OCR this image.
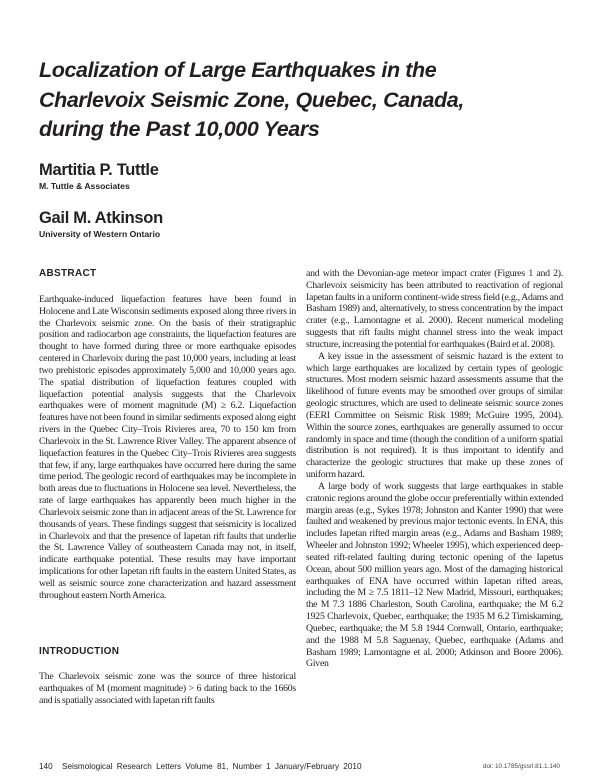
Localization of Large Earthquakes in the
Charlevoix Seismic Zone, Quebec, Canada,
during the Past 10,000 Years
Martitia P. Tuttle
M. Tuttle & Associates
Gail M. Atkinson
University of Western Ontario
ABSTRACT

Earthquake-induced liquefaction features have been found in Holocene and Late Wisconsin sediments exposed along three rivers in the Charlevoix seismic zone. On the basis of their stratigraphic position and radiocarbon age constraints, the liquefaction features are thought to have formed during three or more earthquake episodes centered in Charlevoix during the past 10,000 years, including at least two prehistoric episodes approximately 5,000 and 10,000 years ago. The spatial distribution of liquefaction features coupled with liquefaction potential analysis suggests that the Charlevoix earthquakes were of moment magnitude (M) ≥ 6.2. Liquefaction features have not been found in similar sediments exposed along eight rivers in the Quebec City–Trois Rivieres area, 70 to 150 km from Charlevoix in the St. Lawrence River Valley. The apparent absence of liquefaction features in the Quebec City–Trois Rivieres area suggests that few, if any, large earthquakes have occurred here during the same time period. The geologic record of earthquakes may be incomplete in both areas due to fluctuations in Holocene sea level. Nevertheless, the rate of large earthquakes has apparently been much higher in the Charlevoix seismic zone than in adjacent areas of the St. Lawrence for thousands of years. These findings suggest that seismicity is localized in Charlevoix and that the presence of Iapetan rift faults that underlie the St. Lawrence Valley of southeastern Canada may not, in itself, indicate earthquake potential. These results may have important implications for other Iapetan rift faults in the eastern United States, as well as seismic source zone characterization and hazard assessment throughout eastern North America.

INTRODUCTION

The Charlevoix seismic zone was the source of three historical earthquakes of M (moment magnitude) > 6 dating back to the 1660s and is spatially associated with Iapetan rift faults

and with the Devonian-age meteor impact crater (Figures 1 and 2). Charlevoix seismicity has been attributed to reactivation of regional Iapetan faults in a uniform continent-wide stress field (e.g., Adams and Basham 1989) and, alternatively, to stress concentration by the impact crater (e.g., Lamontagne et al. 2000). Recent numerical modeling suggests that rift faults might channel stress into the weak impact structure, increasing the potential for earthquakes (Baird et al. 2008).

A key issue in the assessment of seismic hazard is the extent to which large earthquakes are localized by certain types of geologic structures. Most modern seismic hazard assessments assume that the likelihood of future events may be smoothed over groups of similar geologic structures, which are used to delineate seismic source zones (EERI Committee on Seismic Risk 1989; McGuire 1995, 2004). Within the source zones, earthquakes are generally assumed to occur randomly in space and time (though the condition of a uniform spatial distribution is not required). It is thus important to identify and characterize the geologic structures that make up these zones of uniform hazard.

A large body of work suggests that large earthquakes in stable cratonic regions around the globe occur preferentially within extended margin areas (e.g., Sykes 1978; Johnston and Kanter 1990) that were faulted and weakened by previous major tectonic events. In ENA, this includes Iapetan rifted margin areas (e.g., Adams and Basham 1989; Wheeler and Johnston 1992; Wheeler 1995), which experienced deep-seated rift-related faulting during tectonic opening of the Iapetus Ocean, about 500 million years ago. Most of the damaging historical earthquakes of ENA have occurred within Iapetan rifted areas, including the M ≥ 7.5 1811–12 New Madrid, Missouri, earthquakes; the M 7.3 1886 Charleston, South Carolina, earthquake; the M 6.2 1925 Charlevoix, Quebec, earthquake; the 1935 M 6.2 Timiskaming, Quebec, earthquake; the M 5.8 1944 Cornwall, Ontario, earthquake; and the 1988 M 5.8 Saguenay, Quebec, earthquake (Adams and Basham 1989; Lamontagne et al. 2000; Atkinson and Boore 2006). Given

140 Seismological Research Letters Volume 81, Number 1 January/February 2010	doi: 10.1785/gssrl.81.1.140
